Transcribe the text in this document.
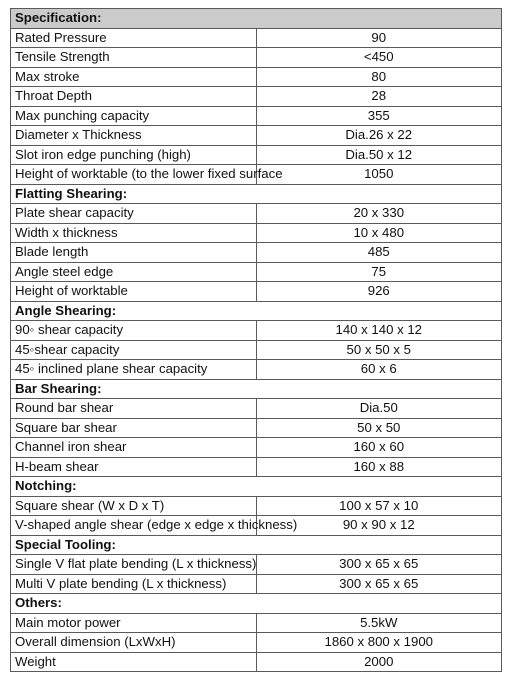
Specification:	
Rated Pressure	90
Tensile Strength	<450
Max stroke	80
Throat Depth	28
Max punching capacity	355
Diameter x Thickness	Dia.26 x 22
Slot iron edge punching (high)	Dia.50 x 12
Height of worktable (to the lower fixed surface	1050
Flatting Shearing:	
Plate shear capacity	20 x 330
Width x thickness	10 x 480
Blade length	485
Angle steel edge	75
Height of worktable	926
Angle Shearing:	
90◦ shear capacity	140 x 140 x 12
45◦shear capacity	50 x 50 x 5
45◦ inclined plane shear capacity	60 x 6
Bar Shearing:	
Round bar shear	Dia.50
Square bar shear	50 x 50
Channel iron shear	160 x 60
H-beam shear	160 x 88
Notching:	
Square shear (W x D x T)	100 x 57 x 10
V-shaped angle shear (edge x edge x thickness)	90 x 90 x 12
Special Tooling:	
Single V flat plate bending (L x thickness)	300 x 65 x 65
Multi V plate bending (L x thickness)	300 x 65 x 65
Others:	
Main motor power	5.5kW
Overall dimension (LxWxH)	1860 x 800 x 1900
Weight	2000
